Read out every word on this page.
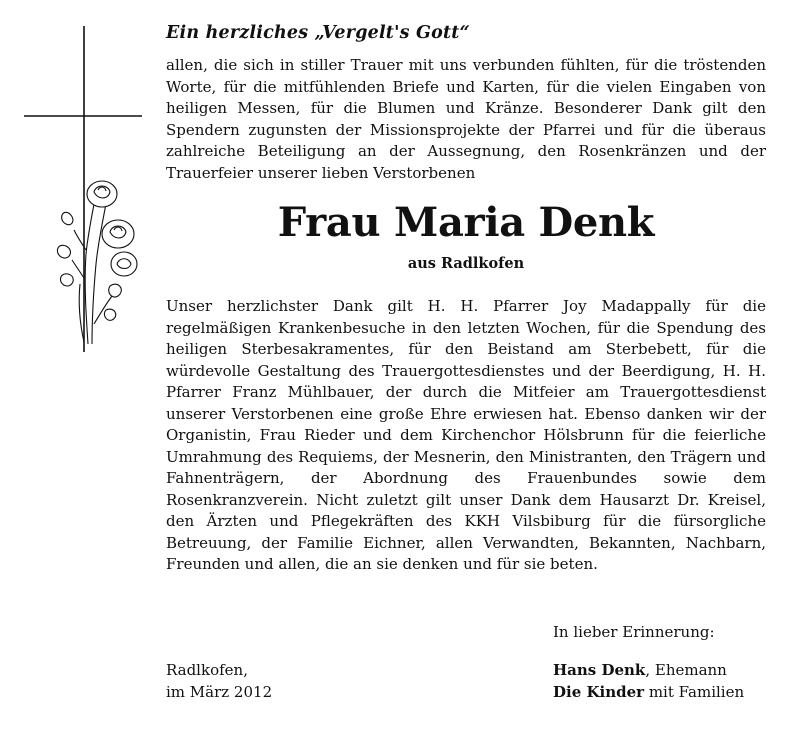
Ein herzliches „Vergelt's Gott“

allen, die sich in stiller Trauer mit uns verbunden fühlten, für die tröstenden Worte, für die mitfühlenden Briefe und Karten, für die vielen Eingaben von heiligen Messen, für die Blumen und Kränze. Besonderer Dank gilt den Spendern zugunsten der Missionsprojekte der Pfarrei und für die überaus zahlreiche Beteiligung an der Aussegnung, den Rosenkränzen und der Trauerfeier unserer lieben Verstorbenen

Frau Maria Denk
aus Radlkofen

Unser herzlichster Dank gilt H. H. Pfarrer Joy Madappally für die regelmäßigen Krankenbesuche in den letzten Wochen, für die Spendung des heiligen Sterbesakramentes, für den Beistand am Sterbebett, für die würdevolle Gestaltung des Trauergottesdienstes und der Beerdigung, H. H. Pfarrer Franz Mühlbauer, der durch die Mitfeier am Trauergottesdienst unserer Verstorbenen eine große Ehre erwiesen hat. Ebenso danken wir der Organistin, Frau Rieder und dem Kirchenchor Hölsbrunn für die feierliche Umrahmung des Requiems, der Mesnerin, den Ministranten, den Trägern und Fahnenträgern, der Abordnung des Frauenbundes sowie dem Rosenkranzverein. Nicht zuletzt gilt unser Dank dem Hausarzt Dr. Kreisel, den Ärzten und Pflegekräften des KKH Vilsbiburg für die fürsorgliche Betreuung, der Familie Eichner, allen Verwandten, Bekannten, Nachbarn, Freunden und allen, die an sie denken und für sie beten.

Radlkofen,
im März 2012
In lieber Erinnerung:
Hans Denk, Ehemann
Die Kinder mit Familien
